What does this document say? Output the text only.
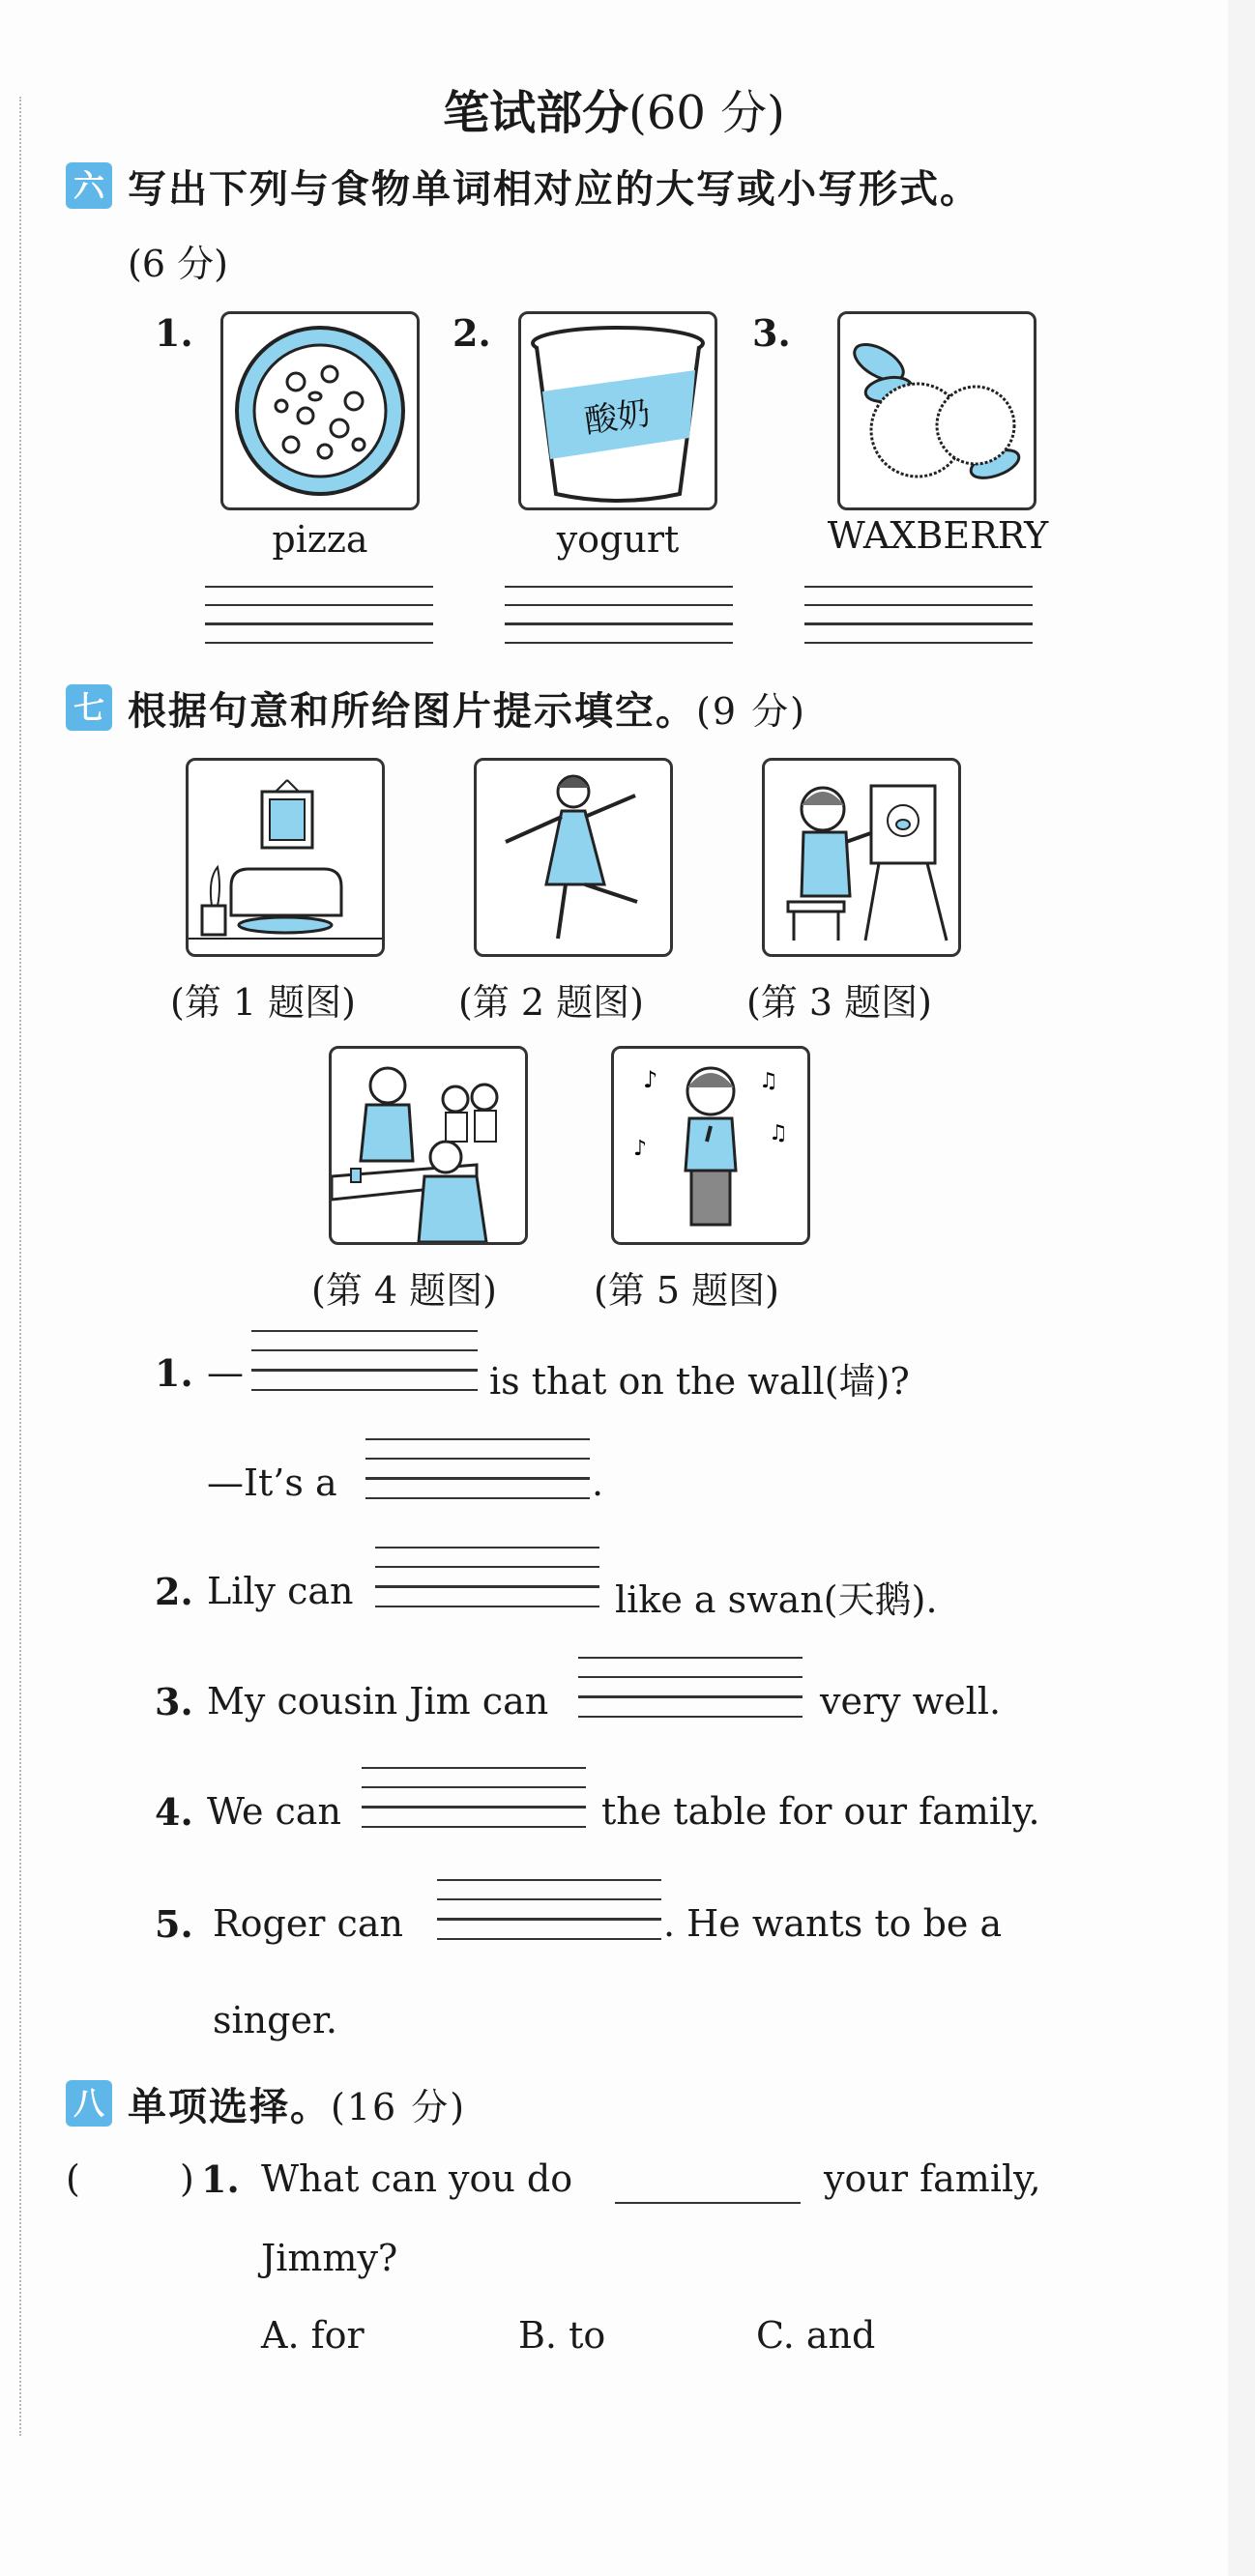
笔试部分(60 分)
六 写出下列与食物单词相对应的大写或小写形式。
(6 分)
1.	2.	3.
酸奶
pizza	yogurt	WAXBERRY
七 根据句意和所给图片提示填空。(9 分)
(第 1 题图)	(第 2 题图)	(第 3 题图)
♪	♫
♪
♫
(第 4 题图)	(第 5 题图)
1. —	is that on the wall(墙)?
—It’s a	.
2. Lily can	like a swan(天鹅).
3. My cousin Jim can	very well.
4. We can	the table for our family.
5. Roger can	. He wants to be a
singer.
八 单项选择。(16 分)
(	) 1. What can you do	your family,
Jimmy?
A. for	B. to	C. and
